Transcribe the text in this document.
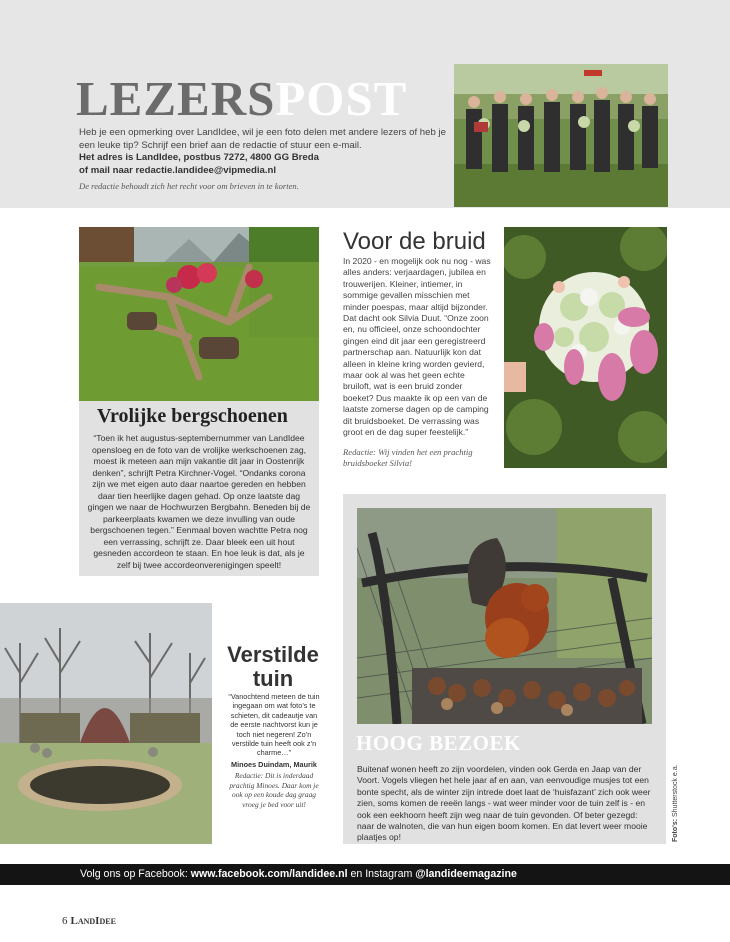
LEZERSPOST
Heb je een opmerking over LandIdee, wil je een foto delen met andere lezers of heb je een leuke tip? Schrijf een brief aan de redactie of stuur een e-mail.
Het adres is LandIdee, postbus 7272, 4800 GG Breda
of mail naar redactie.landidee@vipmedia.nl
De redactie behoudt zich het recht voor om brieven in te korten.
Vrolijke bergschoenen
“Toen ik het augustus-septembernummer van LandIdee opensloeg en de foto van de vrolijke werkschoenen zag, moest ik meteen aan mijn vakantie dit jaar in Oostenrijk denken”, schrijft Petra Kirchner-Vogel. “Ondanks corona zijn we met eigen auto daar naartoe gereden en hebben daar tien heerlijke dagen gehad. Op onze laatste dag gingen we naar de Hochwurzen Bergbahn. Beneden bij de parkeerplaats kwamen we deze invulling van oude bergschoenen tegen.” Eenmaal boven wachtte Petra nog een verrassing, schrijft ze. Daar bleek een uit hout gesneden accordeon te staan. En hoe leuk is dat, als je zelf bij twee accordeonverenigingen speelt!
Voor de bruid
In 2020 - en mogelijk ook nu nog - was alles anders: verjaardagen, jubilea en trouwerijen. Kleiner, intiemer, in sommige gevallen misschien met minder poespas, maar altijd bijzonder. Dat dacht ook Silvia Duut. “Onze zoon en, nu officieel, onze schoondochter gingen eind dit jaar een geregistreerd partnerschap aan. Natuurlijk kon dat alleen in kleine kring worden gevierd, maar ook al was het geen echte bruiloft, wat is een bruid zonder boeket? Dus maakte ik op een van de laatste zomerse dagen op de camping dit bruidsboeket. De verrassing was groot en de dag super feestelijk.”
Redactie: Wij vinden het een prachtig bruidsboeket Silvia!
Verstilde tuin
“Vanochtend meteen de tuin ingegaan om wat foto’s te schieten, dit cadeautje van de eerste nachtvorst kun je toch niet negeren! Zo’n verstilde tuin heeft ook z’n charme…”
Minoes Duindam, Maurik
Redactie: Dit is inderdaad prachtig Minoes. Daar kom je ook op een koude dag graag vroeg je bed voor uit!
HOOG BEZOEK
Buitenaf wonen heeft zo zijn voordelen, vinden ook Gerda en Jaap van der Voort. Vogels vliegen het hele jaar af en aan, van eenvoudige musjes tot een bonte specht, als de winter zijn intrede doet laat de ‘huisfazant’ zich ook weer zien, soms komen de reeën langs - wat weer minder voor de tuin zelf is - en ook een eekhoorn heeft zijn weg naar de tuin gevonden. Of beter gezegd: naar de walnoten, die van hun eigen boom komen. En dat levert weer mooie plaatjes op!	Foto's: Shutterstock e.a.
Volg ons op Facebook: www.facebook.com/landidee.nl en Instagram @landideemagazine
6 LandIdee
